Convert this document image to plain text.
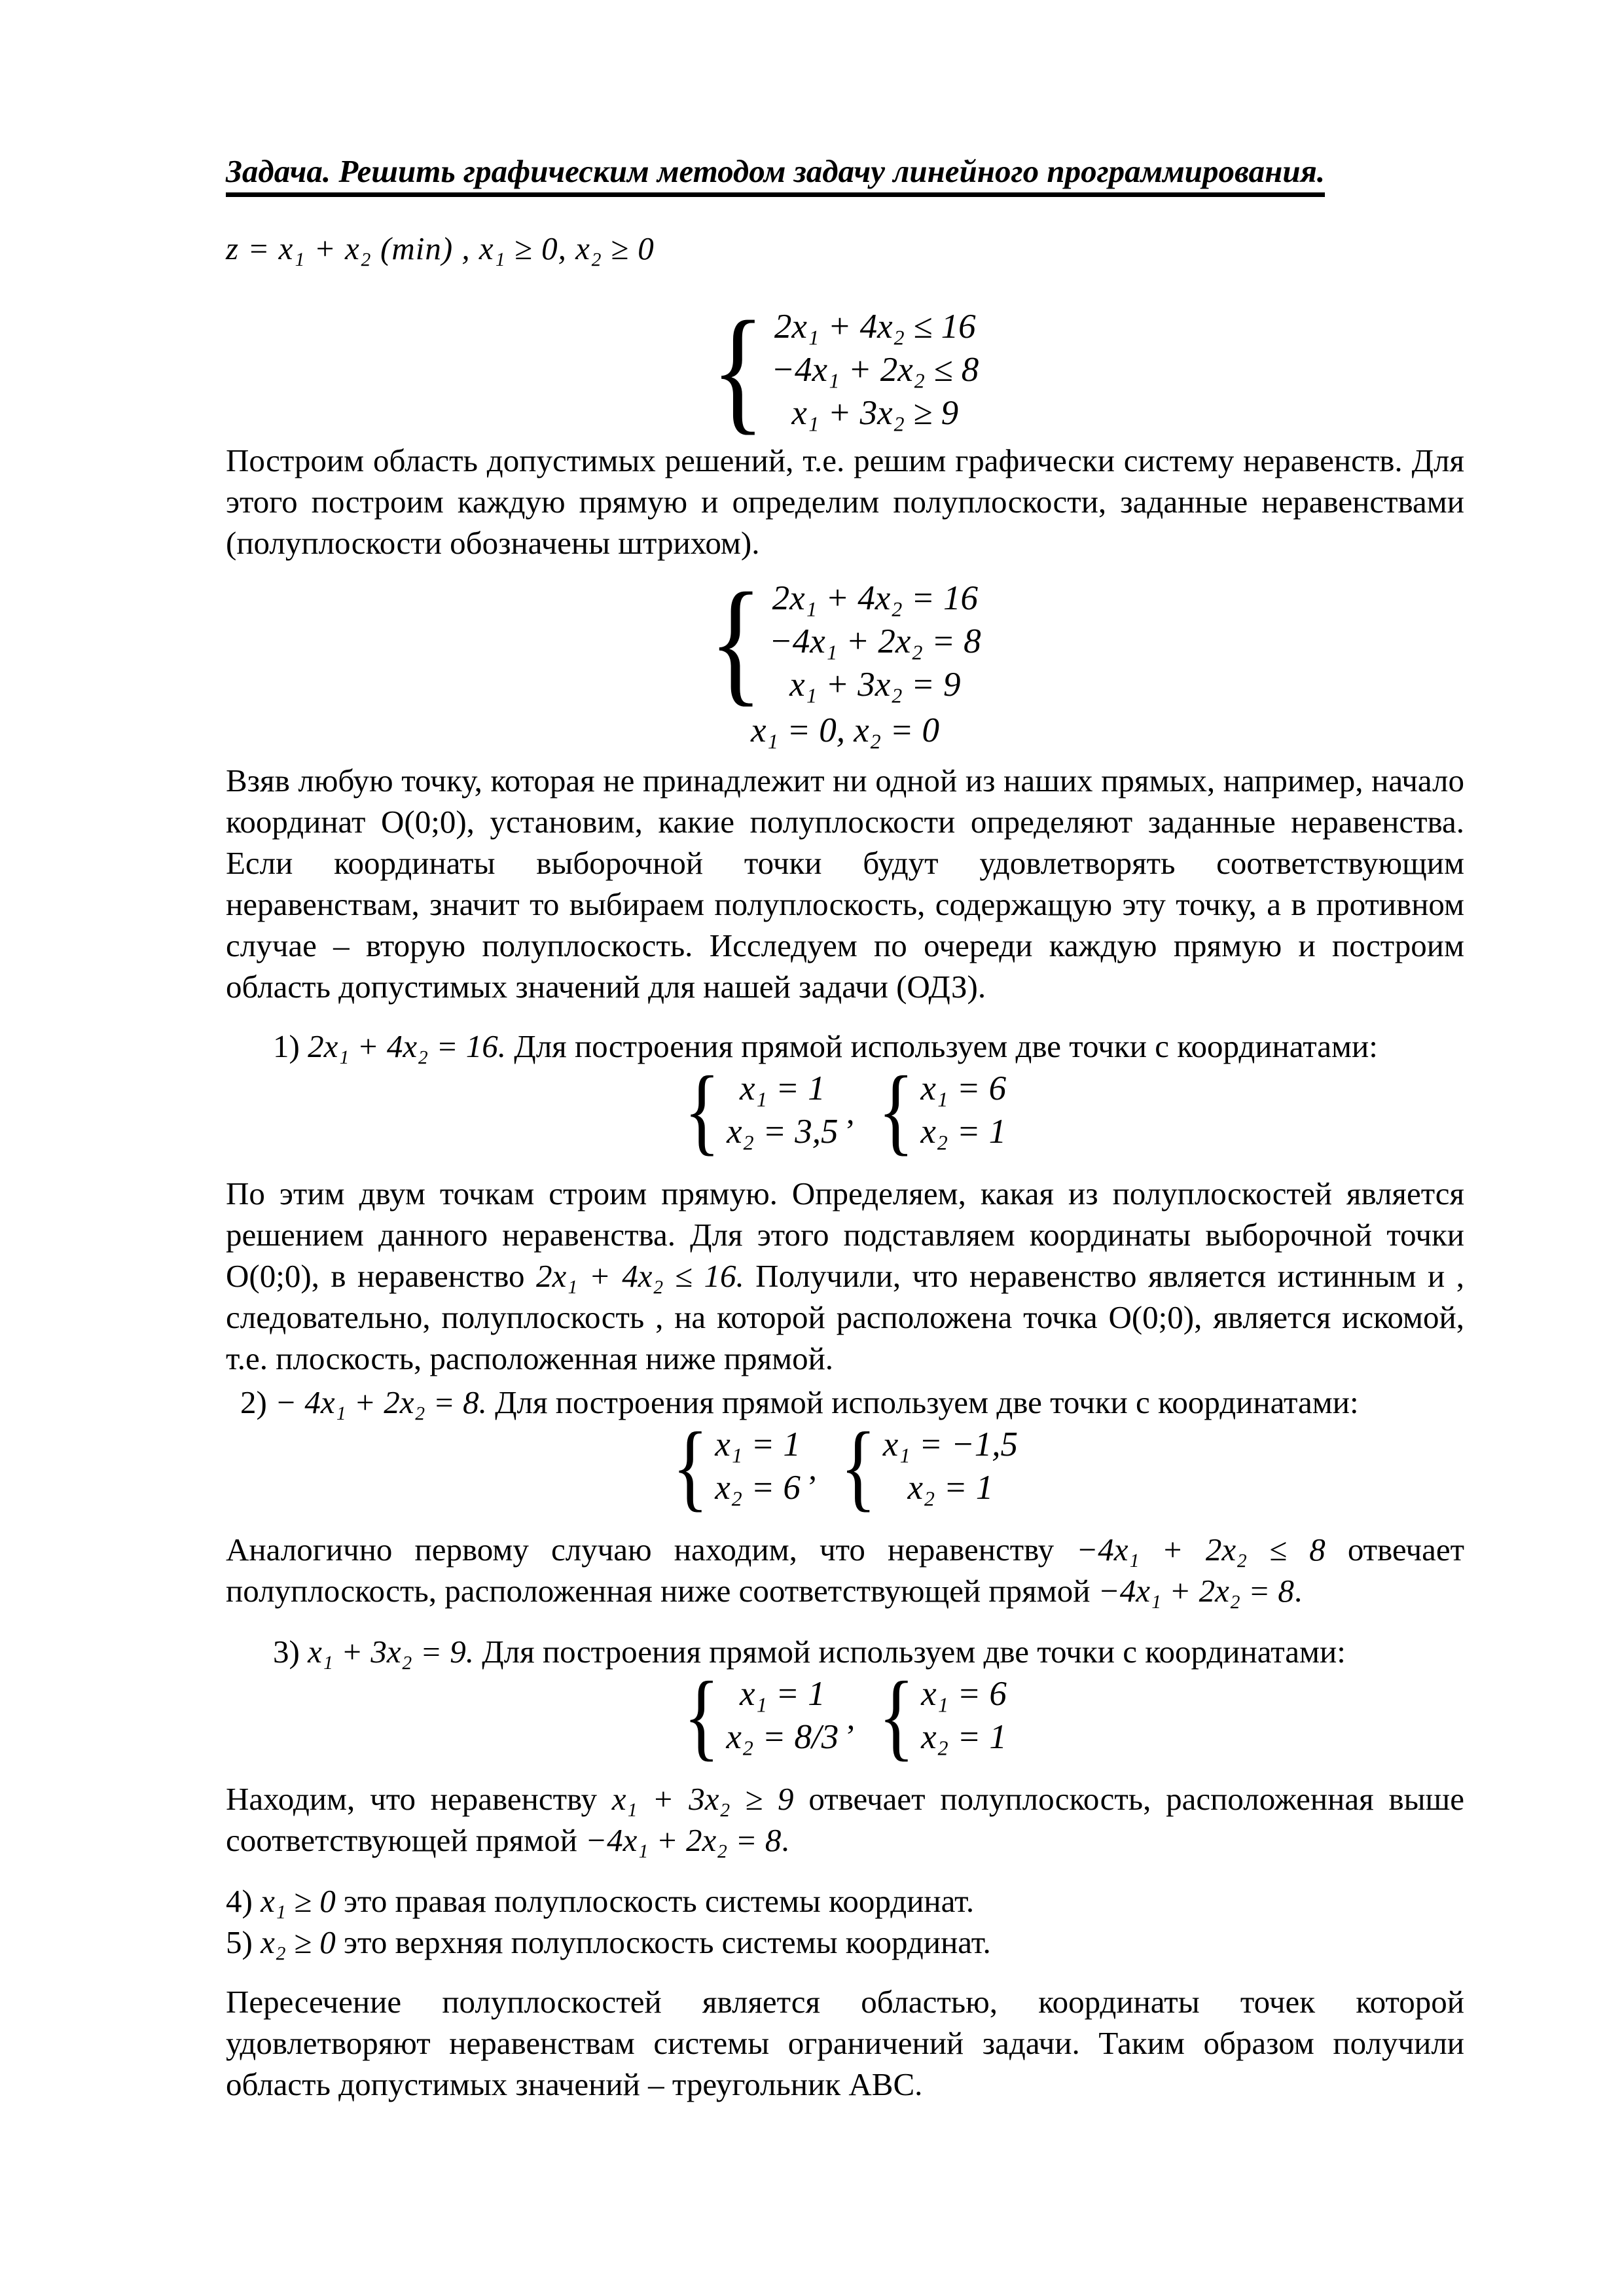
Задача. Решить графическим методом задачу линейного программирования.

z = x₁ + x₂ (min) , x₁ ≥ 0, x₂ ≥ 0

{ 2x₁ + 4x₂ ≤ 16
−4x₁ + 2x₂ ≤ 8
x₁ + 3x₂ ≥ 9

Построим область допустимых решений, т.е. решим графически систему неравенств. Для этого построим каждую прямую и определим полуплоскости, заданные неравенствами (полуплоскости обозначены штрихом).

{ 2x₁ + 4x₂ = 16
−4x₁ + 2x₂ = 8
x₁ + 3x₂ = 9
x₁ = 0, x₂ = 0

Взяв любую точку, которая не принадлежит ни одной из наших прямых, например, начало координат О(0;0), установим, какие полуплоскости определяют заданные неравенства. Если координаты выборочной точки будут удовлетворять соответствующим неравенствам, значит то выбираем полуплоскость, содержащую эту точку, а в противном случае – вторую полуплоскость. Исследуем по очереди каждую прямую и построим область допустимых значений для нашей задачи (ОДЗ).

1) 2x₁ + 4x₂ = 16. Для построения прямой используем две точки с координатами:

{ x₁ = 1
x₂ = 3,5 ’ { x₁ = 6
x₂ = 1

По этим двум точкам строим прямую. Определяем, какая из полуплоскостей является решением данного неравенства. Для этого подставляем координаты выборочной точки О(0;0), в неравенство 2x₁ + 4x₂ ≤ 16. Получили, что неравенство является истинным и , следовательно, полуплоскость , на которой расположена точка О(0;0), является искомой, т.е. плоскость, расположенная ниже прямой.

2) − 4x₁ + 2x₂ = 8. Для построения прямой используем две точки с координатами:

{ x₁ = 1
x₂ = 6 ’ { x₁ = −1,5
x₂ = 1

Аналогично первому случаю находим, что неравенству −4x₁ + 2x₂ ≤ 8 отвечает полуплоскость, расположенная ниже соответствующей прямой −4x₁ + 2x₂ = 8.

3) x₁ + 3x₂ = 9. Для построения прямой используем две точки с координатами:

{ x₁ = 1
x₂ = 8/3 ’ { x₁ = 6
x₂ = 1

Находим, что неравенству x₁ + 3x₂ ≥ 9 отвечает полуплоскость, расположенная выше соответствующей прямой −4x₁ + 2x₂ = 8.

4) x₁ ≥ 0 это правая полуплоскость системы координат.

5) x₂ ≥ 0 это верхняя полуплоскость системы координат.

Пересечение полуплоскостей является областью, координаты точек которой удовлетворяют неравенствам системы ограничений задачи. Таким образом получили область допустимых значений – треугольник АВС.
